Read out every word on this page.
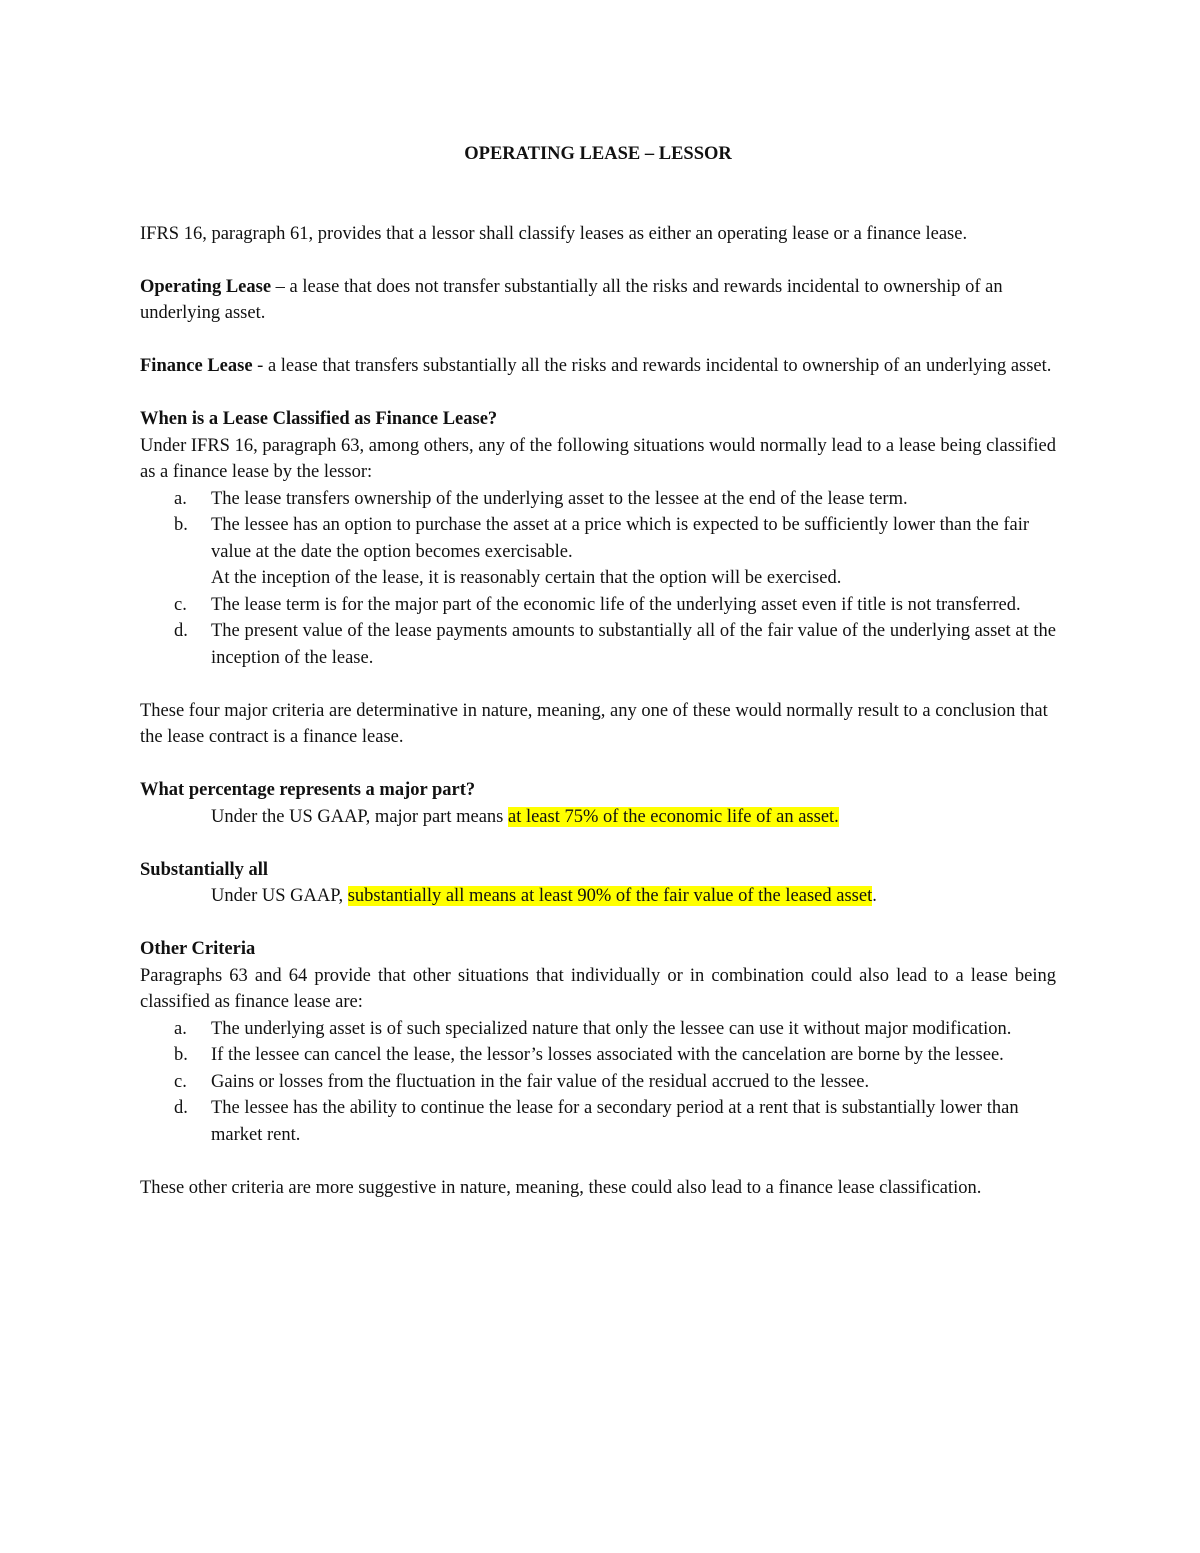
OPERATING LEASE – LESSOR

IFRS 16, paragraph 61, provides that a lessor shall classify leases as either an operating lease or a finance lease.

Operating Lease – a lease that does not transfer substantially all the risks and rewards incidental to ownership of an underlying asset.

Finance Lease - a lease that transfers substantially all the risks and rewards incidental to ownership of an underlying asset.

When is a Lease Classified as Finance Lease?

Under IFRS 16, paragraph 63, among others, any of the following situations would normally lead to a lease being classified as a finance lease by the lessor:

a. The lease transfers ownership of the underlying asset to the lessee at the end of the lease term.
b. The lessee has an option to purchase the asset at a price which is expected to be sufficiently lower than the fair value at the date the option becomes exercisable.
At the inception of the lease, it is reasonably certain that the option will be exercised.
c. The lease term is for the major part of the economic life of the underlying asset even if title is not transferred.
d. The present value of the lease payments amounts to substantially all of the fair value of the underlying asset at the inception of the lease.

These four major criteria are determinative in nature, meaning, any one of these would normally result to a conclusion that the lease contract is a finance lease.

What percentage represents a major part?

Under the US GAAP, major part means at least 75% of the economic life of an asset.

Substantially all

Under US GAAP, substantially all means at least 90% of the fair value of the leased asset.

Other Criteria

Paragraphs 63 and 64 provide that other situations that individually or in combination could also lead to a lease being classified as finance lease are:

a. The underlying asset is of such specialized nature that only the lessee can use it without major modification.
b. If the lessee can cancel the lease, the lessor’s losses associated with the cancelation are borne by the lessee.
c. Gains or losses from the fluctuation in the fair value of the residual accrued to the lessee.
d. The lessee has the ability to continue the lease for a secondary period at a rent that is substantially lower than market rent.

These other criteria are more suggestive in nature, meaning, these could also lead to a finance lease classification.
